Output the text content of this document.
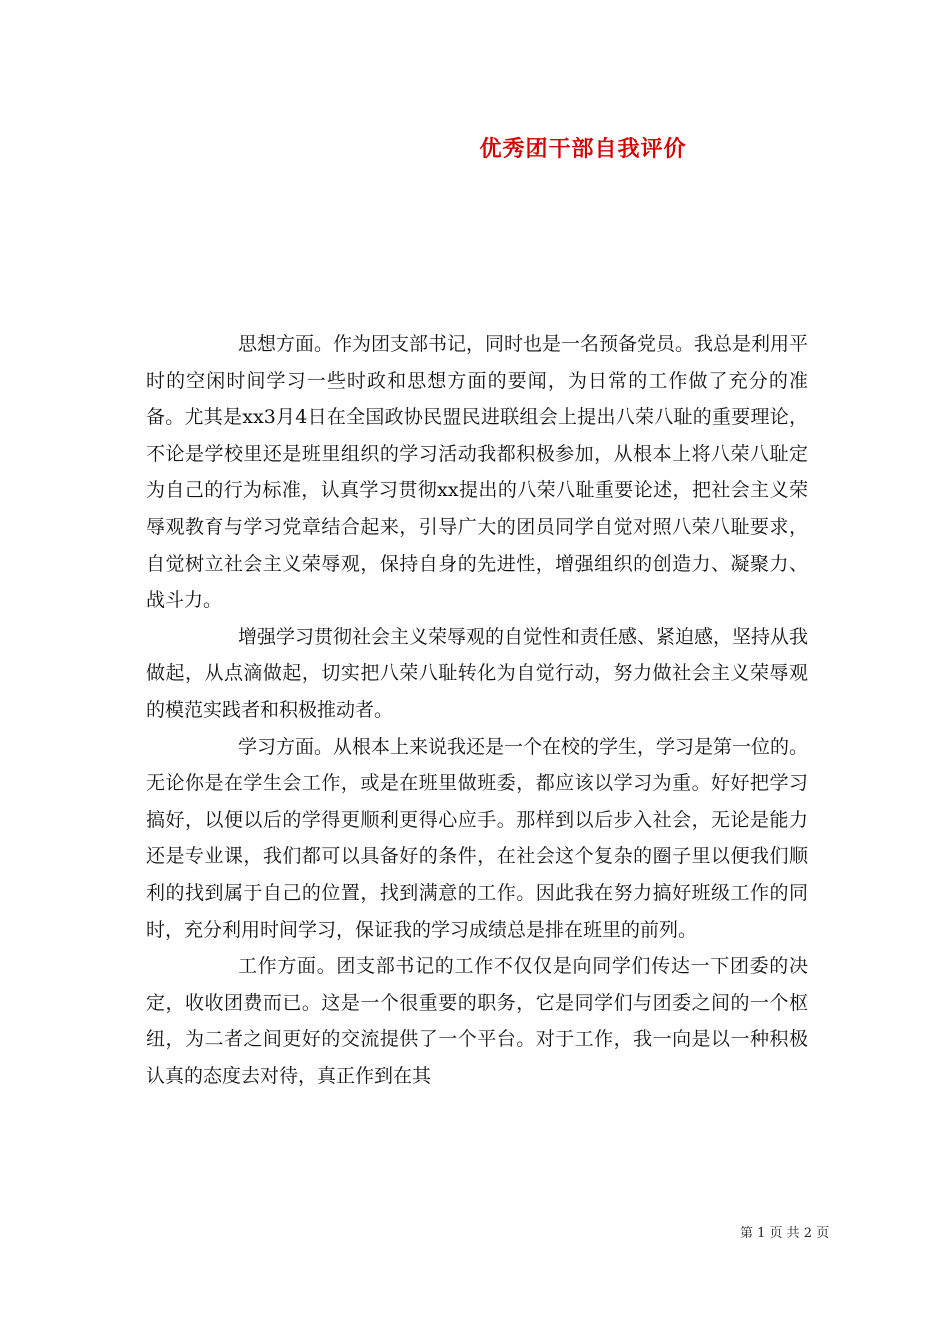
优秀团干部自我评价

思想方面。作为团支部书记，同时也是一名预备党员。我总是利用平时的空闲时间学习一些时政和思想方面的要闻，为日常的工作做了充分的准备。尤其是xx3月4日在全国政协民盟民进联组会上提出八荣八耻的重要理论，不论是学校里还是班里组织的学习活动我都积极参加，从根本上将八荣八耻定为自己的行为标准，认真学习贯彻xx提出的八荣八耻重要论述，把社会主义荣辱观教育与学习党章结合起来，引导广大的团员同学自觉对照八荣八耻要求，自觉树立社会主义荣辱观，保持自身的先进性，增强组织的创造力、凝聚力、战斗力。

增强学习贯彻社会主义荣辱观的自觉性和责任感、紧迫感，坚持从我做起，从点滴做起，切实把八荣八耻转化为自觉行动，努力做社会主义荣辱观的模范实践者和积极推动者。

学习方面。从根本上来说我还是一个在校的学生，学习是第一位的。无论你是在学生会工作，或是在班里做班委，都应该以学习为重。好好把学习搞好，以便以后的学得更顺利更得心应手。那样到以后步入社会，无论是能力还是专业课，我们都可以具备好的条件，在社会这个复杂的圈子里以便我们顺利的找到属于自己的位置，找到满意的工作。因此我在努力搞好班级工作的同时，充分利用时间学习，保证我的学习成绩总是排在班里的前列。

工作方面。团支部书记的工作不仅仅是向同学们传达一下团委的决定，收收团费而已。这是一个很重要的职务，它是同学们与团委之间的一个枢纽，为二者之间更好的交流提供了一个平台。对于工作，我一向是以一种积极认真的态度去对待，真正作到在其

第 1 页 共 2 页
